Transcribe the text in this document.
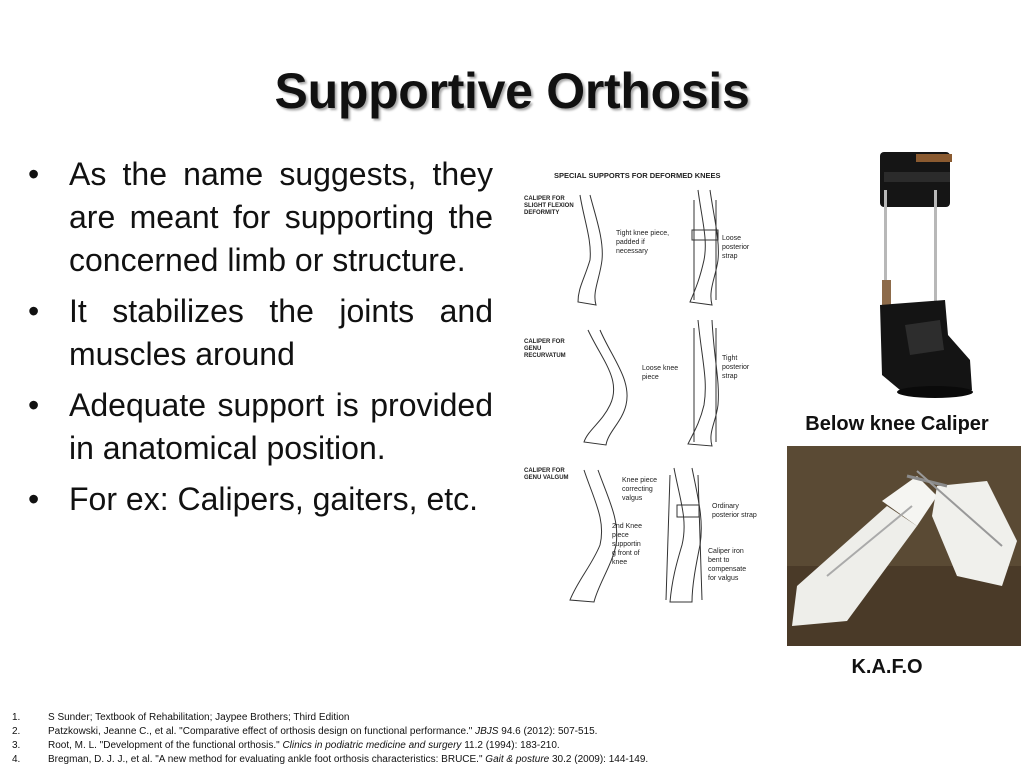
Supportive Orthosis
• As the name suggests, they are meant for supporting the concerned limb or structure.
• It stabilizes the joints and muscles around
• Adequate support is provided in anatomical position.
• For ex: Calipers, gaiters, etc.
SPECIAL SUPPORTS FOR DEFORMED KNEES
CALIPER FOR
SLIGHT FLEXION
DEFORMITY
Tight knee piece,
padded if
necessary
Loose
posterior
strap
CALIPER FOR
GENU
RECURVATUM
Loose knee
piece
Tight
posterior
strap
CALIPER FOR
GENU VALGUM	Knee piece
correcting
valgus
Ordinary
posterior strap
2nd Knee
piece
supportin
g front of
knee
Caliper iron
bent to
compensate
for valgus
Below knee Caliper
K.A.F.O
1.	S Sunder; Textbook of Rehabilitation; Jaypee Brothers; Third Edition
2.	Patzkowski, Jeanne C., et al. "Comparative effect of orthosis design on functional performance." JBJS 94.6 (2012): 507-515.
3.	Root, M. L. "Development of the functional orthosis." Clinics in podiatric medicine and surgery 11.2 (1994): 183-210.
4.	Bregman, D. J. J., et al. "A new method for evaluating ankle foot orthosis characteristics: BRUCE." Gait & posture 30.2 (2009): 144-149.
